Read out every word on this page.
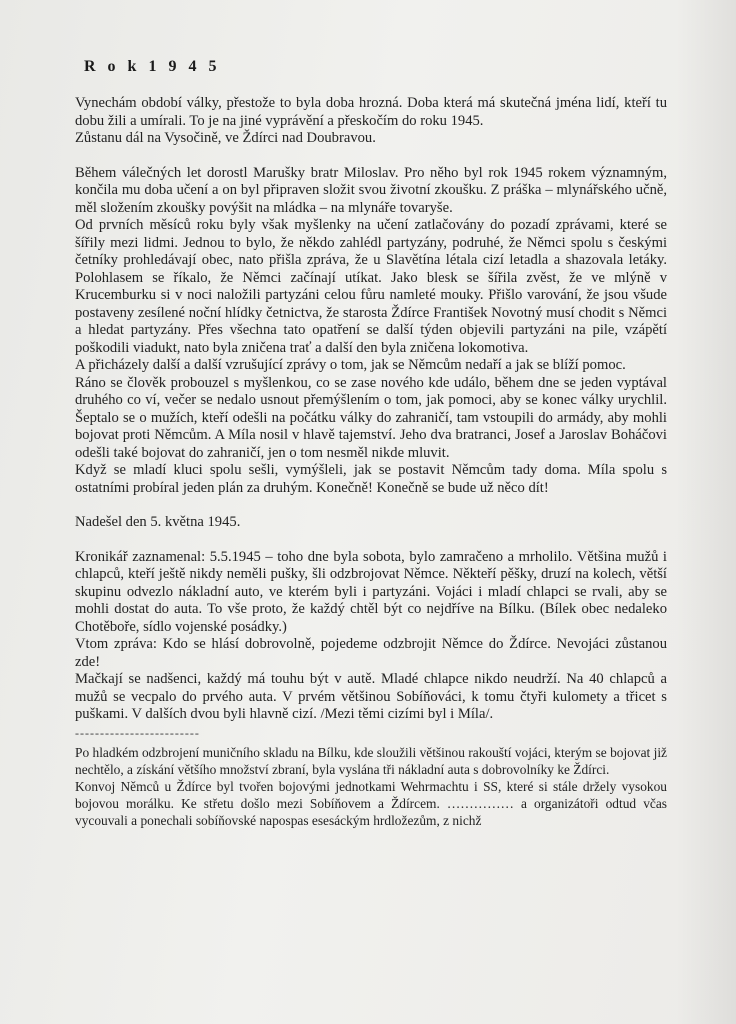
R o k 1 9 4 5

Vynechám období války, přestože to byla doba hrozná. Doba která má skutečná jména lidí, kteří tu dobu žili a umírali. To je na jiné vyprávění a přeskočím do roku 1945.

Zůstanu dál na Vysočině, ve Ždírci nad Doubravou.

Během válečných let dorostl Marušky bratr Miloslav. Pro něho byl rok 1945 rokem významným, končila mu doba učení a on byl připraven složit svou životní zkoušku. Z práška – mlynářského učně, měl složením zkoušky povýšit na mládka – na mlynáře tovaryše.

Od prvních měsíců roku byly však myšlenky na učení zatlačovány do pozadí zprávami, které se šířily mezi lidmi. Jednou to bylo, že někdo zahlédl partyzány, podruhé, že Němci spolu s českými četníky prohledávají obec, nato přišla zpráva, že u Slavětína létala cizí letadla a shazovala letáky. Polohlasem se říkalo, že Němci začínají utíkat. Jako blesk se šířila zvěst, že ve mlýně v Krucemburku si v noci naložili partyzáni celou fůru namleté mouky. Přišlo varování, že jsou všude postaveny zesílené noční hlídky četnictva, že starosta Ždírce František Novotný musí chodit s Němci a hledat partyzány. Přes všechna tato opatření se další týden objevili partyzáni na pile, vzápětí poškodili viadukt, nato byla zničena trať a další den byla zničena lokomotiva.

A přicházely další a další vzrušující zprávy o tom, jak se Němcům nedaří a jak se blíží pomoc.

Ráno se člověk probouzel s myšlenkou, co se zase nového kde událo, během dne se jeden vyptával druhého co ví, večer se nedalo usnout přemýšlením o tom, jak pomoci, aby se konec války urychlil. Šeptalo se o mužích, kteří odešli na počátku války do zahraničí, tam vstoupili do armády, aby mohli bojovat proti Němcům. A Míla nosil v hlavě tajemství. Jeho dva bratranci, Josef a Jaroslav Boháčovi odešli také bojovat do zahraničí, jen o tom nesměl nikde mluvit.

Když se mladí kluci spolu sešli, vymýšleli, jak se postavit Němcům tady doma. Míla spolu s ostatními probíral jeden plán za druhým. Konečně! Konečně se bude už něco dít!

Nadešel den 5. května 1945.

Kronikář zaznamenal: 5.5.1945 – toho dne byla sobota, bylo zamračeno a mrholilo. Většina mužů i chlapců, kteří ještě nikdy neměli pušky, šli odzbrojovat Němce. Někteří pěšky, druzí na kolech, větší skupinu odvezlo nákladní auto, ve kterém byli i partyzáni. Vojáci i mladí chlapci se rvali, aby se mohli dostat do auta. To vše proto, že každý chtěl být co nejdříve na Bílku. (Bílek obec nedaleko Chotěboře, sídlo vojenské posádky.)

Vtom zpráva: Kdo se hlásí dobrovolně, pojedeme odzbrojit Němce do Ždírce. Nevojáci zůstanou zde!

Mačkají se nadšenci, každý má touhu být v autě. Mladé chlapce nikdo neudrží. Na 40 chlapců a mužů se vecpalo do prvého auta. V prvém většinou Sobíňováci, k tomu čtyři kulomety a třicet s puškami. V dalších dvou byli hlavně cizí. /Mezi těmi cizími byl i Míla/.

-------------------------

Po hladkém odzbrojení muničního skladu na Bílku, kde sloužili většinou rakouští vojáci, kterým se bojovat již nechtělo, a získání většího množství zbraní, byla vyslána tři nákladní auta s dobrovolníky ke Ždírci.

Konvoj Němců u Ždírce byl tvořen bojovými jednotkami Wehrmachtu i SS, které si stále držely vysokou bojovou morálku. Ke střetu došlo mezi Sobíňovem a Ždírcem. …………… a organizátoři odtud včas vycouvali a ponechali sobíňovské napospas esesáckým hrdložezům, z nichž
